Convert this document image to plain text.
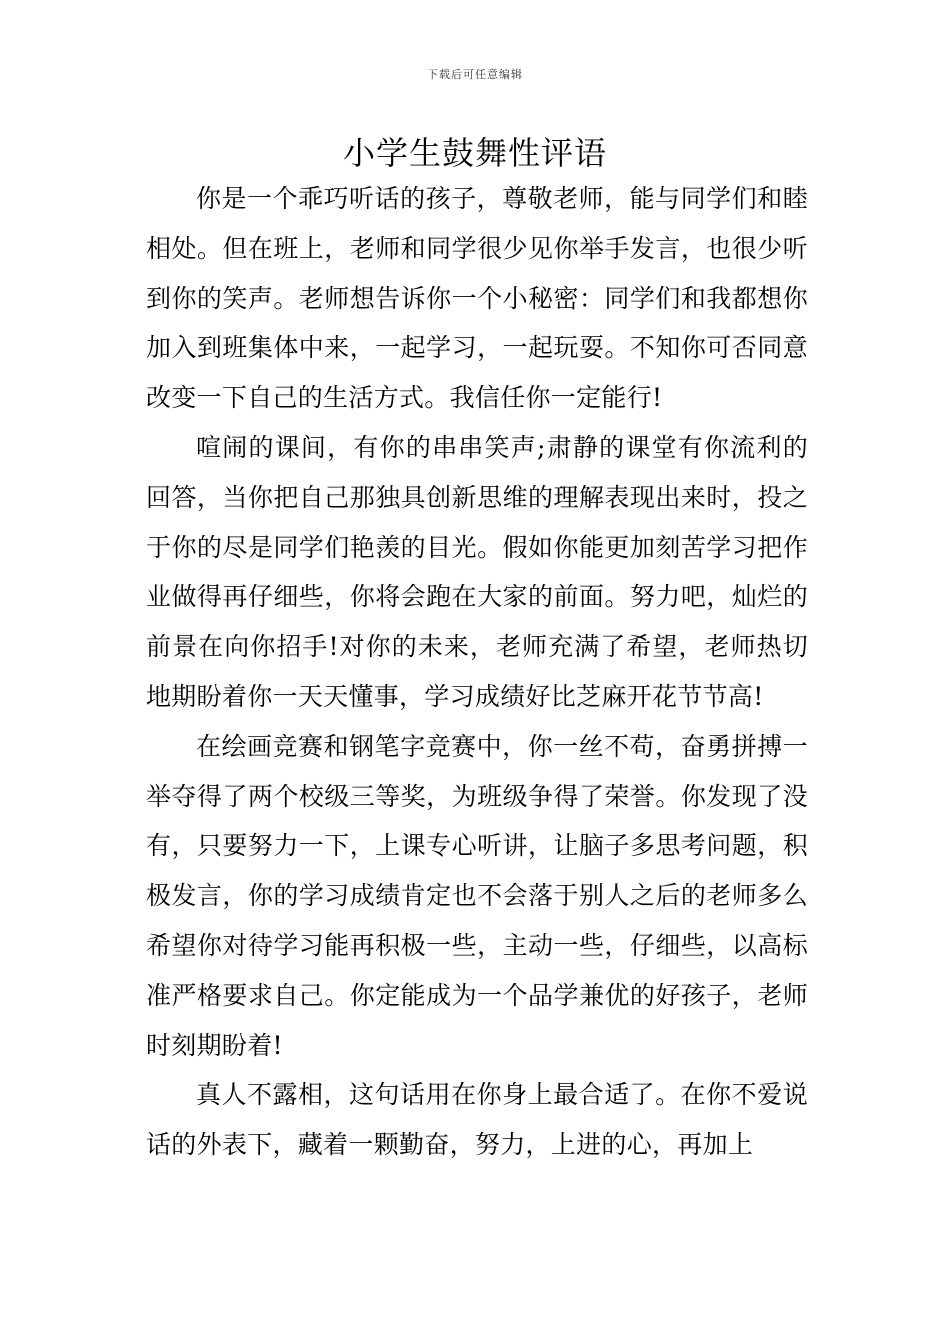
下载后可任意编辑
小学生鼓舞性评语

你是一个乖巧听话的孩子，尊敬老师，能与同学们和睦相处。但在班上，老师和同学很少见你举手发言，也很少听到你的笑声。老师想告诉你一个小秘密：同学们和我都想你加入到班集体中来，一起学习，一起玩耍。不知你可否同意改变一下自己的生活方式。我信任你一定能行!

喧闹的课间，有你的串串笑声;肃静的课堂有你流利的回答，当你把自己那独具创新思维的理解表现出来时，投之于你的尽是同学们艳羡的目光。假如你能更加刻苦学习把作业做得再仔细些，你将会跑在大家的前面。努力吧，灿烂的前景在向你招手!对你的未来，老师充满了希望，老师热切地期盼着你一天天懂事，学习成绩好比芝麻开花节节高!

在绘画竞赛和钢笔字竞赛中，你一丝不苟，奋勇拼搏一举夺得了两个校级三等奖，为班级争得了荣誉。你发现了没有，只要努力一下，上课专心听讲，让脑子多思考问题，积极发言，你的学习成绩肯定也不会落于别人之后的老师多么希望你对待学习能再积极一些，主动一些，仔细些，以高标准严格要求自己。你定能成为一个品学兼优的好孩子，老师时刻期盼着!

真人不露相，这句话用在你身上最合适了。在你不爱说话的外表下，藏着一颗勤奋，努力，上进的心，再加上
